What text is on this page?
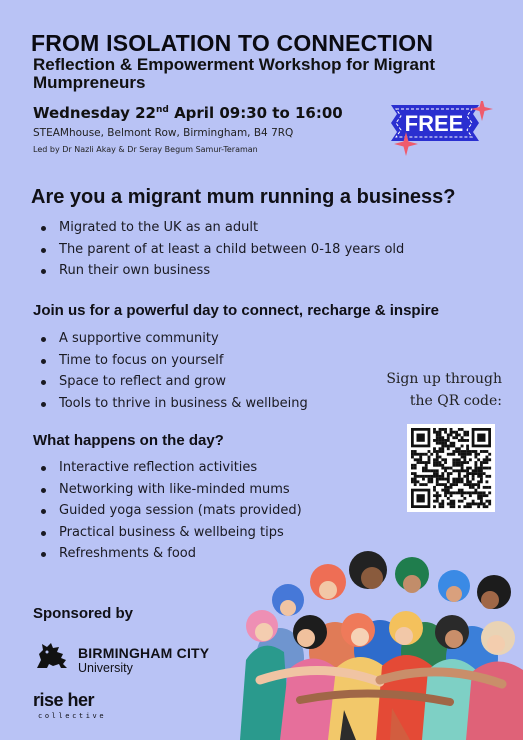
FROM ISOLATION TO CONNECTION
Reflection & Empowerment Workshop for Migrant Mumpreneurs
Wednesday 22nd April 09:30 to 16:00
STEAMhouse, Belmont Row, Birmingham, B4 7RQ
Led by Dr Nazli Akay & Dr Seray Begum Samur-Teraman
FREE
Are you a migrant mum running a business?
Migrated to the UK as an adult
The parent of at least a child between 0-18 years old
Run their own business
Join us for a powerful day to connect, recharge & inspire
A supportive community
Time to focus on yourself
Space to reflect and grow
Tools to thrive in business & wellbeing
Sign up through
the QR code:
What happens on the day?
Interactive reflection activities
Networking with like-minded mums
Guided yoga session (mats provided)
Practical business & wellbeing tips
Refreshments & food
Sponsored by
BIRMINGHAM CITY
University
rise her
collective
